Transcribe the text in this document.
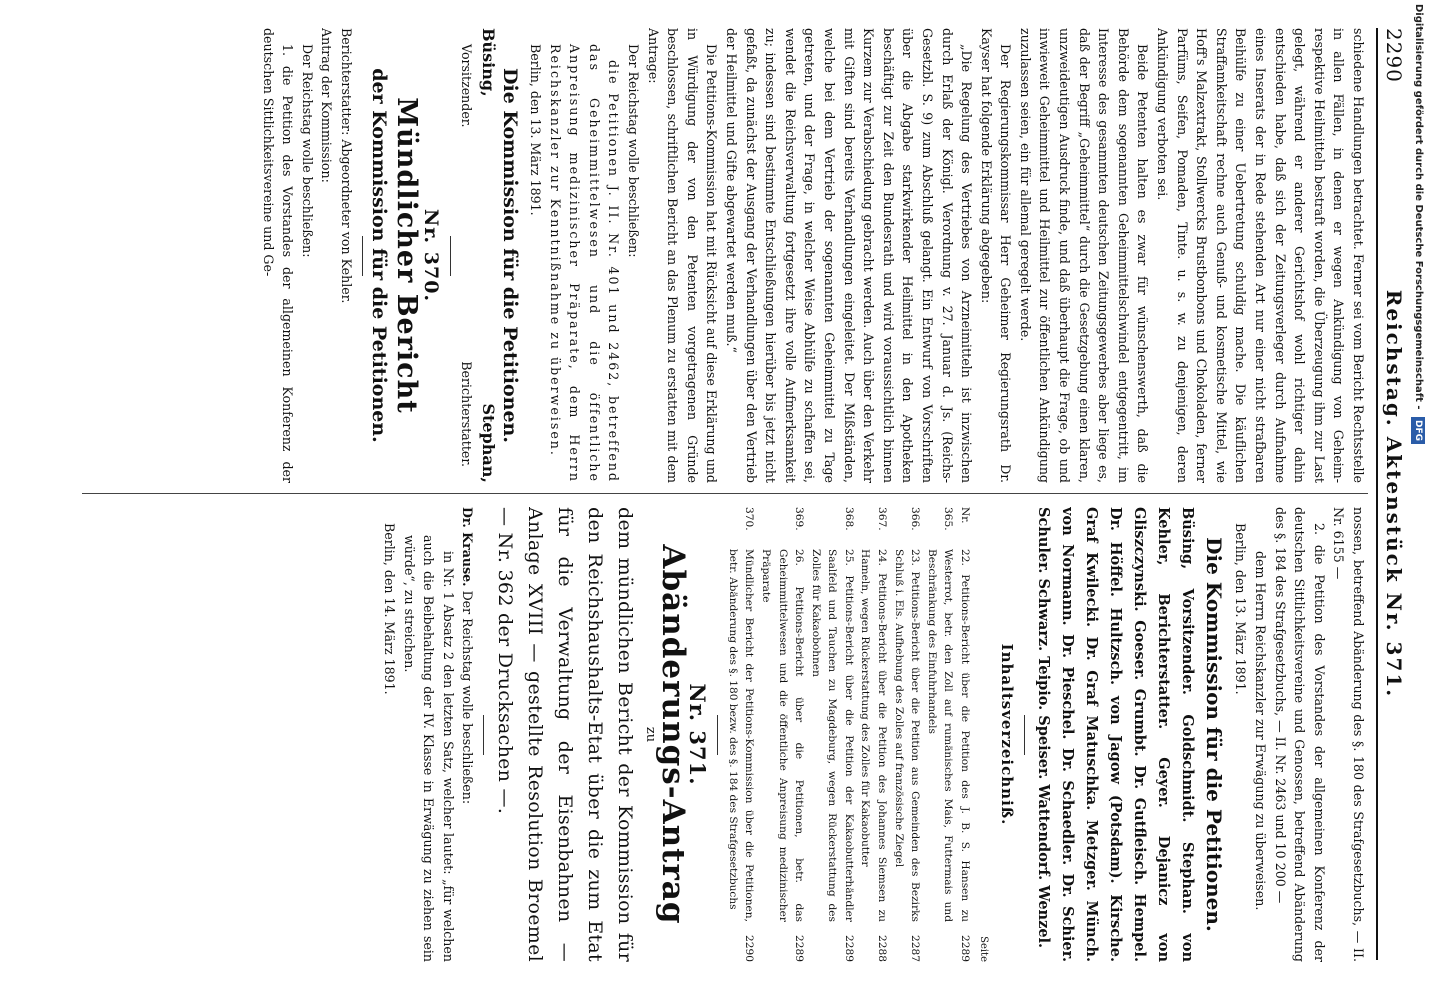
2290
Reichstag. Aktenstück Nr. 371.

schiedene Handlungen betrachtet. Ferner sei vom Bericht Rechtsstelle in allen Fällen, in denen er wegen Ankündigung von Geheim- respektive Heilmitteln bestraft worden, die Überzeugung ihm zur Last gelegt, während er anderer Gerichtshof wohl richtiger dahin entschieden habe, daß sich der Zeitungsverleger durch Aufnahme eines Inserats der in Rede stehenden Art nur einer nicht strafbaren Beihülfe zu einer Uebertretung schuldig mache. Die käuflichen Straffamkeitschaft rechne auch Genuß- und kosmetische Mittel, wie Hoff's Malzextrakt, Stollwercks Brustbonbons und Chokoladen, ferner Parfüms, Seifen, Pomaden, Tinte. u. s. w. zu denjenigen, deren Ankündigung verboten sei.

Beide Petenten halten es zwar für wünschenswerth, daß die Behörde dem sogenannten Geheimmittelschwindel entgegentritt, im Interesse des gesammten deutschen Zeitungsgewerbes aber liege es, daß der Begriff „Geheimmittel“ durch die Gesetzgebung einen klaren, unzweideutigen Ausdruck finde, und daß überhaupt die Frage, ob und inwieweit Geheimmittel und Heilmittel zur öffentlichen Ankündigung zuzulassen seien, ein für allemal geregelt werde.

Der Regierungskommissar Herr Geheimer Regierungsrath Dr. Kayser hat folgende Erklärung abgegeben:

„Die Regelung des Vertriebes von Arzneimitteln ist inzwischen durch Erlaß der Königl. Verordnung v. 27. Januar d. Js. (Reichs-Gesetzbl. S. 9) zum Abschluß gelangt. Ein Entwurf von Vorschriften über die Abgabe starkwirkender Heilmittel in den Apotheken beschäftigt zur Zeit den Bundesrath und wird voraussichtlich binnen Kurzem zur Verabschiedung gebracht werden. Auch über den Verkehr mit Giften sind bereits Verhandlungen eingeleitet. Der Mißständen, welche bei dem Vertrieb der sogenannten Geheimmittel zu Tage getreten, und der Frage, in welcher Weise Abhülfe zu schaffen sei, wendet die Reichsverwaltung fortgesetzt ihre volle Aufmerksamkeit zu; indessen sind bestimmte Entschließungen hierüber bis jetzt nicht gefaßt, da zunächst der Ausgang der Verhandlungen über den Vertrieb der Heilmittel und Gifte abgewartet werden muß.“

Die Petitions-Kommission hat mit Rücksicht auf diese Erklärung und in Würdigung der von den Petenten vorgetragenen Gründe beschlossen, schriftlichen Bericht an das Plenum zu erstatten mit dem Antrage:

Der Reichstag wolle beschließen:

die Petitionen J. II. Nr. 401 und 2462, betreffend das Geheimmittelwesen und die öffentliche Anpreisung medizinischer Präparate, dem Herrn Reichskanzler zur Kenntnißnahme zu überweisen.

Berlin, den 13. März 1891.

Die Kommission für die Petitionen.
Büsing,
Stephan,
Vorsitzender.
Berichterstatter.
Nr. 370.
Mündlicher Bericht
der Kommission für die Petitionen.

Berichterstatter: Abgeordneter von Kehler.

Antrag der Kommission:

Der Reichstag wolle beschließen:

1. die Petition des Vorstandes der allgemeinen Konferenz der deutschen Sittlichkeitsvereine und Ge-

nossen, betreffend Abänderung des §. 180 des Strafgesetzbuchs, — II. Nr. 6155 —

2. die Petition des Vorstandes der allgemeinen Konferenz der deutschen Sittlichkeitsvereine und Genossen, betreffend Abänderung des §. 184 des Strafgesetzbuchs, — II. Nr. 2463 und 10 200 —

dem Herrn Reichskanzler zur Erwägung zu überweisen.

Berlin, den 13. März 1891.

Die Kommission für die Petitionen.
Büsing, Vorsitzender. Goldschmidt. Stephan. von Kehler, Berichterstatter. Geyer. Dejanicz von Gliszczynski. Goeser. Grumbt. Dr. Gutfleisch. Hempel. Dr. Höffel. Hultzsch. von Jagow (Potsdam). Kirsche. Graf Kwilecki. Dr. Graf Matuschka. Metzger. Münch. von Normann. Dr. Pieschel. Dr. Schaedler. Dr. Schier. Schuler. Schwarz. Teipio. Speiser. Wattendorf. Wenzel.
Inhaltsverzeichniß.
Seite
Nr. 365.
22. Petitions-Bericht über die Petition des J. B. S. Hansen zu Westerrot, betr. den Zoll auf rumänisches Mais, Futtermais und Beschränkung des Einfuhrhandels
2289
366.
23. Petitions-Bericht über die Petition aus Gemeinden des Bezirks Schluß i. Els. Aufhebung des Zolles auf französische Ziegel
2287
367.
24. Petitions-Bericht über die Petition des Johannes Siemsen zu Hameln, wegen Rückerstattung des Zolles für Kakaobutter
2288
368.
25. Petitions-Bericht über die Petition der Kakaobutterhändler Saalfeld und Tauchen zu Magdeburg, wegen Rückerstattung des Zolles für Kakaobohnen
2289
369.
26. Petitions-Bericht über die Petitionen, betr. das Geheimmittelwesen und die öffentliche Anpreisung medizinischer Präparate
2289
370.
Mündlicher Bericht der Petitions-Kommission über die Petitionen, betr. Abänderung des §. 180 bezw. des §. 184 des Strafgesetzbuchs
2290
Nr. 371.
Abänderungs-Antrag
zu
dem mündlichen Bericht der Kommission für den Reichshaushalts-Etat über die zum Etat für die Verwaltung der Eisenbahnen — Anlage XVIII — gestellte Resolution Broemel — Nr. 362 der Drucksachen —.

Dr. Krause. Der Reichstag wolle beschließen:

in Nr. 1 Absatz 2 den letzten Satz, welcher lautet: „für welchen auch die Beibehaltung der IV. Klasse in Erwägung zu ziehen sein würde“, zu streichen.

Berlin, den 14. März 1891.

Digitalisierung gefördert durch die Deutsche Forschungsgemeinschaft - DFG
